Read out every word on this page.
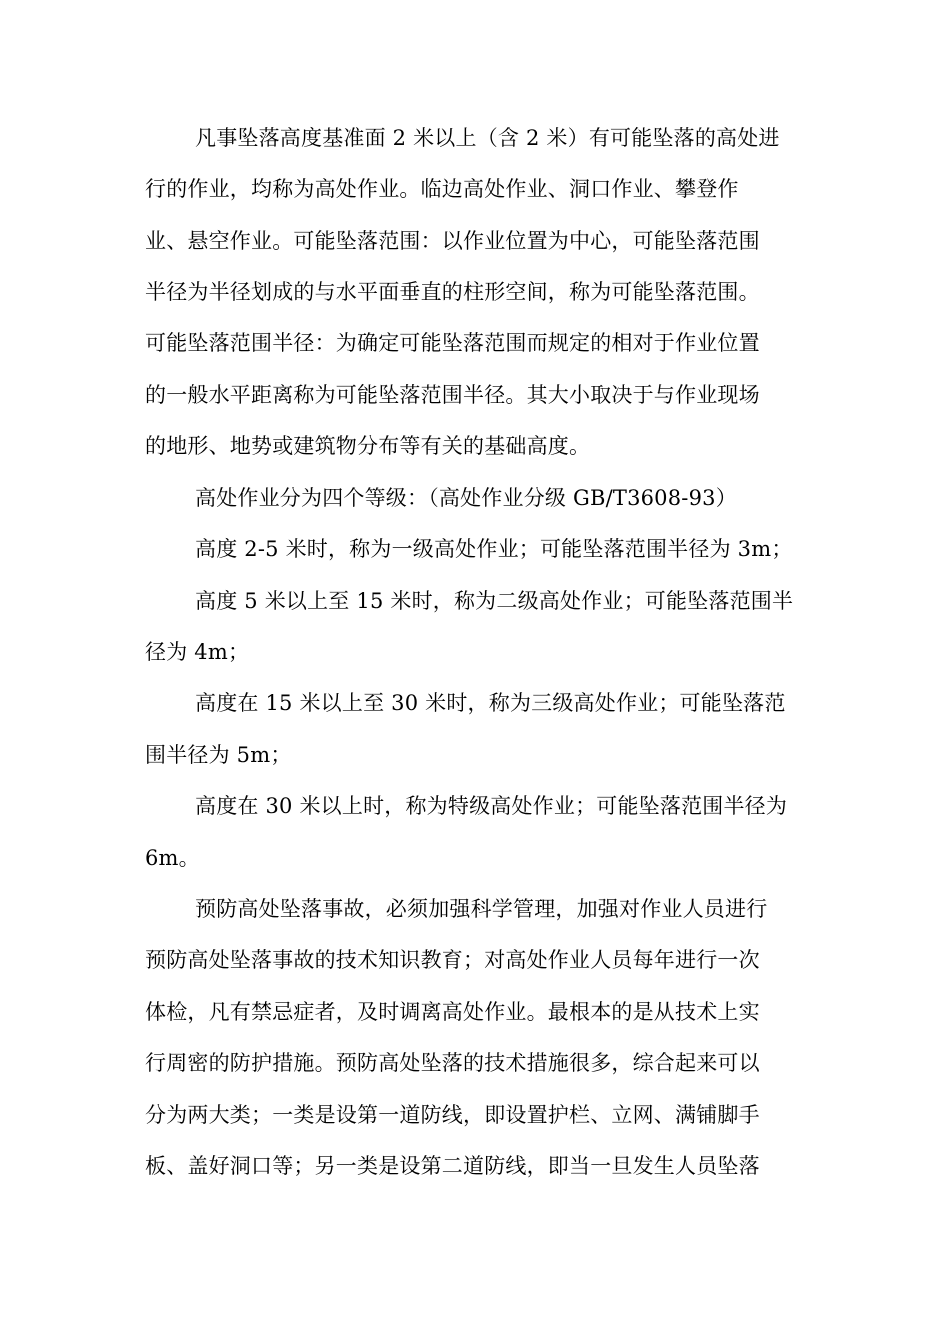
凡事坠落高度基准面 2 米以上（含 2 米）有可能坠落的高处进
行的作业，均称为高处作业。临边高处作业、洞口作业、攀登作
业、悬空作业。可能坠落范围：以作业位置为中心，可能坠落范围
半径为半径划成的与水平面垂直的柱形空间，称为可能坠落范围。
可能坠落范围半径：为确定可能坠落范围而规定的相对于作业位置
的一般水平距离称为可能坠落范围半径。其大小取决于与作业现场
的地形、地势或建筑物分布等有关的基础高度。
高处作业分为四个等级：（高处作业分级 GB/T3608-93）
高度 2-5 米时，称为一级高处作业；可能坠落范围半径为 3m；
高度 5 米以上至 15 米时，称为二级高处作业；可能坠落范围半
径为 4m；
高度在 15 米以上至 30 米时，称为三级高处作业；可能坠落范
围半径为 5m；
高度在 30 米以上时，称为特级高处作业；可能坠落范围半径为
6m。
预防高处坠落事故，必须加强科学管理，加强对作业人员进行
预防高处坠落事故的技术知识教育；对高处作业人员每年进行一次
体检，凡有禁忌症者，及时调离高处作业。最根本的是从技术上实
行周密的防护措施。预防高处坠落的技术措施很多，综合起来可以
分为两大类；一类是设第一道防线，即设置护栏、立网、满铺脚手
板、盖好洞口等；另一类是设第二道防线，即当一旦发生人员坠落
